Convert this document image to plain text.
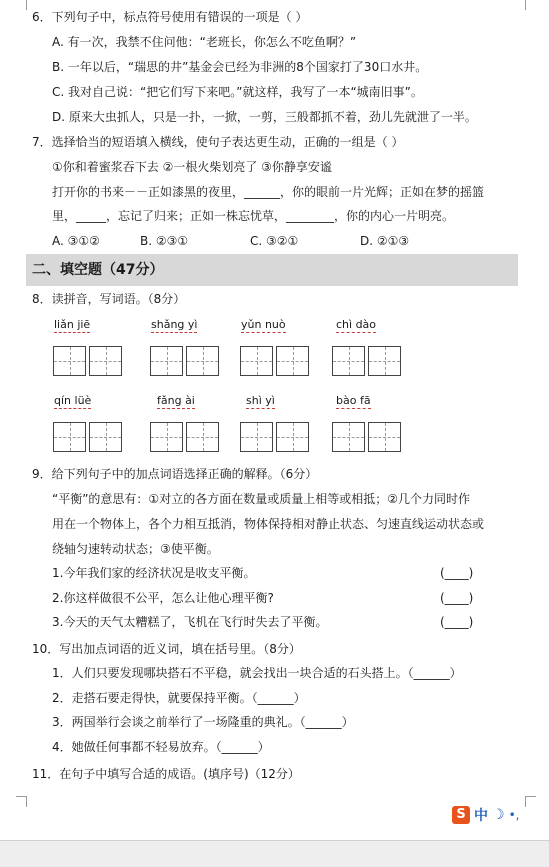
6．下列句子中，标点符号使用有错误的一项是（ ）
A. 有一次，我禁不住问他：“老班长，你怎么不吃鱼啊？”
B. 一年以后，“瑞思的井”基金会已经为非洲的8个国家打了30口水井。
C. 我对自己说：“把它们写下来吧。”就这样，我写了一本“城南旧事”。
D. 原来大虫抓人，只是一扑，一掀，一剪，三般都抓不着，劲儿先就泄了一半。
7．选择恰当的短语填入横线，使句子表达更生动，正确的一组是（ ）
①你和着蜜浆吞下去 ②一根火柴划亮了 ③你静享安谧
打开你的书来－－正如漆黑的夜里，______，你的眼前一片光辉；正如在梦的摇篮
里，_____，忘记了归来；正如一株忘忧草，________，你的内心一片明亮。
A. ③①②	B. ②③①	C. ③②①	D. ②①③
二、填空题（47分）
8．读拼音，写词语。（8分）
liǎn jiē	shǎng yì	yǔn nuò	chì dào
qín lüè	fǎng ài	shì yì	bào fā
9．给下列句子中的加点词语选择正确的解释。（6分）
“平衡”的意思有：①对立的各方面在数量或质量上相等或相抵；②几个力同时作
用在一个物体上，各个力相互抵消，物体保持相对静止状态、匀速直线运动状态或
绕轴匀速转动状态；③使平衡。
1.今年我们家的经济状况是收支平衡。	(____)
2.你这样做很不公平，怎么让他心理平衡?	(____)
3.今天的天气太糟糕了，飞机在飞行时失去了平衡。	(____)
10．写出加点词语的近义词，填在括号里。（8分）
1．人们只要发现哪块搭石不平稳，就会找出一块合适的石头搭上。（______）
2．走搭石要走得快，就要保持平衡。（______）
3．两国举行会谈之前举行了一场隆重的典礼。（______）
4．她做任何事都不轻易放弃。（______）
11．在句子中填写合适的成语。(填序号)（12分）
S 中 ☽ •,
